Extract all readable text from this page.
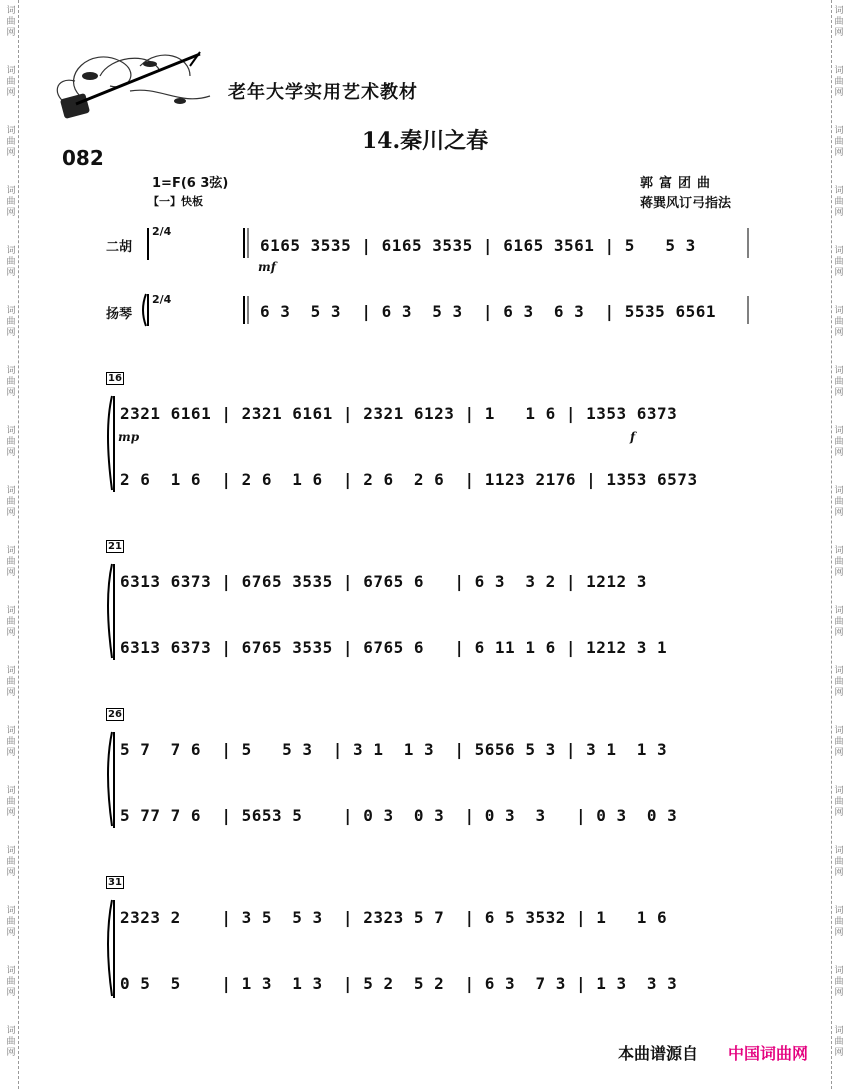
词
曲
网
词
曲
网
词
曲
网
词
曲
网
词
曲
网
词
曲
网
词
曲
网
词
曲
网
词
曲
网
词
曲
网
词
曲
网
词
曲
网
词
曲
网
词
曲
网
词
曲
网
词
曲
网
词
曲
网
词
曲
网
词
曲
网
词
曲
网
词
曲
网
词
曲
网
词
曲
网
词
曲
网
词
曲
网
词
曲
网
词
曲
网
词
曲
网
词
曲
网
词
曲
网
词
曲
网
词
曲
网
词
曲
网
词
曲
网
词
曲
网
词
曲
网
老年大学实用艺术教材
082
14.秦川之春
1=F(6 3弦)
【一】快板
郭富团曲
蒋巽风订弓指法
二胡
扬琴
2/4
2/4
mf
6165 3535 | 6165 3535 | 6165 3561 | 5   5 3
6 3  5 3  | 6 3  5 3  | 6 3  6 3  | 5535 6561
16
mp	f
2321 6161 | 2321 6161 | 2321 6123 | 1   1 6 | 1353 6373
2 6  1 6  | 2 6  1 6  | 2 6  2 6  | 1123 2176 | 1353 6573
21
6313 6373 | 6765 3535 | 6765 6   | 6 3  3 2 | 1212 3
6313 6373 | 6765 3535 | 6765 6   | 6 11 1 6 | 1212 3 1
26
5 7  7 6  | 5   5 3  | 3 1  1 3  | 5656 5 3 | 3 1  1 3
5 77 7 6  | 5653 5    | 0 3  0 3  | 0 3  3   | 0 3  0 3
31
2323 2    | 3 5  5 3  | 2323 5 7  | 6 5 3532 | 1   1 6
0 5  5    | 1 3  1 3  | 5 2  5 2  | 6 3  7 3 | 1 3  3 3
本曲谱源自 中国词曲网
